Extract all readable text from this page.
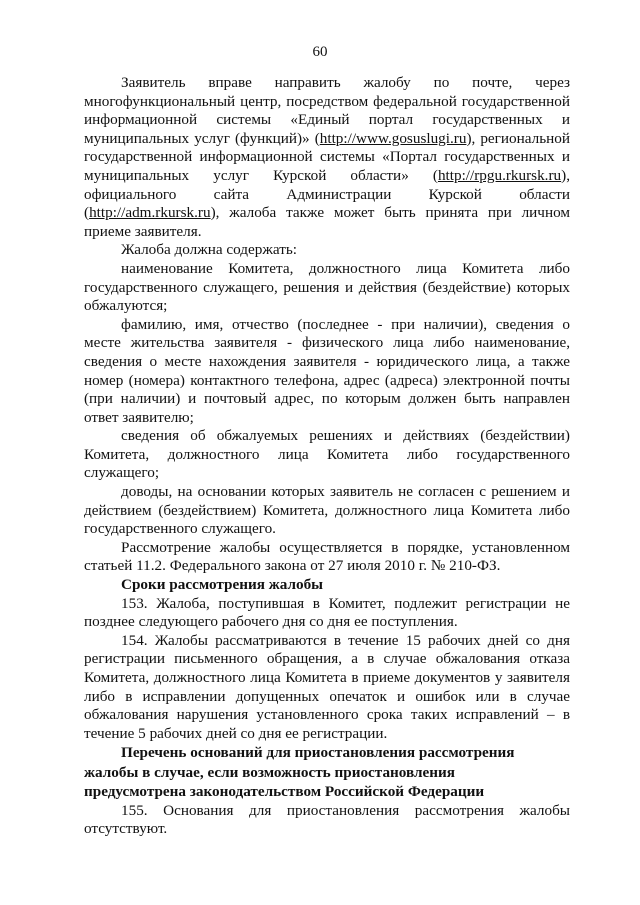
60

Заявитель вправе направить жалобу по почте, через многофункциональный центр, посредством федеральной государственной информационной системы «Единый портал государственных и муниципальных услуг (функций)» (http://www.gosuslugi.ru), региональной государственной информационной системы «Портал государственных и муниципальных услуг Курской области» (http://rpgu.rkursk.ru), официального сайта Администрации Курской области (http://adm.rkursk.ru), жалоба также может быть принята при личном приеме заявителя.

Жалоба должна содержать:

наименование Комитета, должностного лица Комитета либо государственного служащего, решения и действия (бездействие) которых обжалуются;

фамилию, имя, отчество (последнее - при наличии), сведения о месте жительства заявителя - физического лица либо наименование, сведения о месте нахождения заявителя - юридического лица, а также номер (номера) контактного телефона, адрес (адреса) электронной почты (при наличии) и почтовый адрес, по которым должен быть направлен ответ заявителю;

сведения об обжалуемых решениях и действиях (бездействии) Комитета, должностного лица Комитета либо государственного служащего;

доводы, на основании которых заявитель не согласен с решением и действием (бездействием) Комитета, должностного лица Комитета либо государственного служащего.

Рассмотрение жалобы осуществляется в порядке, установленном статьей 11.2. Федерального закона от 27 июля 2010 г. № 210-ФЗ.

Сроки рассмотрения жалобы

153. Жалоба, поступившая в Комитет, подлежит регистрации не позднее следующего рабочего дня со дня ее поступления.

154. Жалобы рассматриваются в течение 15 рабочих дней со дня регистрации письменного обращения, а в случае обжалования отказа Комитета, должностного лица Комитета в приеме документов у заявителя либо в исправлении допущенных опечаток и ошибок или в случае обжалования нарушения установленного срока таких исправлений – в течение 5 рабочих дней со дня ее регистрации.

Перечень оснований для приостановления рассмотрения
жалобы в случае, если возможность приостановления
предусмотрена законодательством Российской Федерации

155. Основания для приостановления рассмотрения жалобы отсутствуют.
